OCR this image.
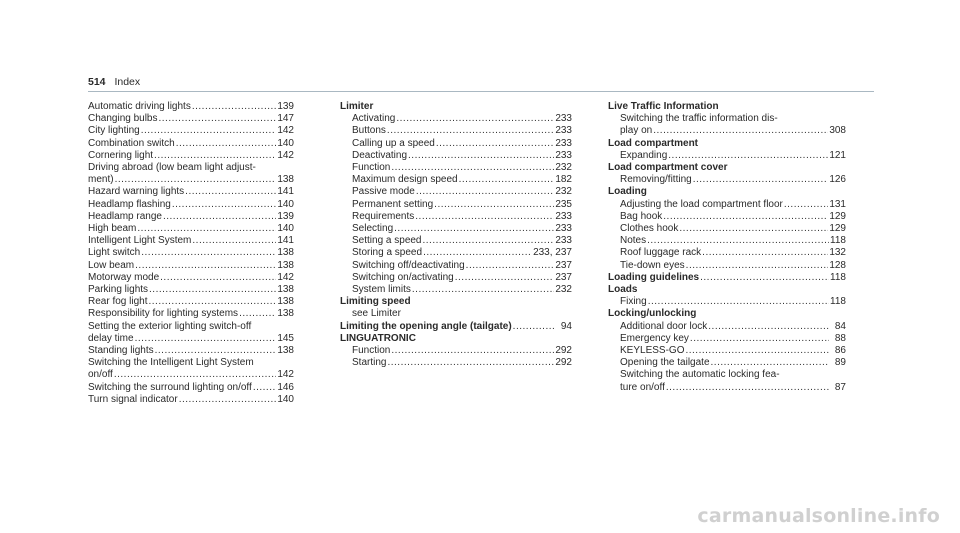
514 Index
Automatic driving lights .....	139
Changing bulbs .....	147
City lighting .....	142
Combination switch .....	140
Cornering light .....	142
Driving abroad (low beam light adjust-
ment) .....	138
Hazard warning lights .....	141
Headlamp flashing .....	140
Headlamp range .....	139
High beam .....	140
Intelligent Light System .....	141
Light switch .....	138
Low beam .....	138
Motorway mode .....	142
Parking lights .....	138
Rear fog light .....	138
Responsibility for lighting systems .....	138
Setting the exterior lighting switch-off
delay time .....	145
Standing lights .....	138
Switching the Intelligent Light System
on/off .....	142
Switching the surround lighting on/off .....	146
Turn signal indicator .....	140
Limiter
Activating .....	233
Buttons .....	233
Calling up a speed .....	233
Deactivating .....	233
Function .....	232
Maximum design speed .....	182
Passive mode .....	232
Permanent setting .....	235
Requirements .....	233
Selecting .....	233
Setting a speed .....	233
Storing a speed .....	233, 237
Switching off/deactivating .....	237
Switching on/activating .....	237
System limits .....	232
Limiting speed
see Limiter
Limiting the opening angle (tailgate) .....	94
LINGUATRONIC
Function .....	292
Starting .....	292
Live Traffic Information
Switching the traffic information dis-
play on .....	308
Load compartment
Expanding .....	121
Load compartment cover
Removing/fitting .....	126
Loading
Adjusting the load compartment floor .....	131
Bag hook .....	129
Clothes hook .....	129
Notes .....	118
Roof luggage rack .....	132
Tie-down eyes .....	128
Loading guidelines .....	118
Loads
Fixing .....	118
Locking/unlocking
Additional door lock .....	84
Emergency key .....	88
KEYLESS-GO .....	86
Opening the tailgate .....	89
Switching the automatic locking fea-
ture on/off .....	87
carmanualsonline.info
